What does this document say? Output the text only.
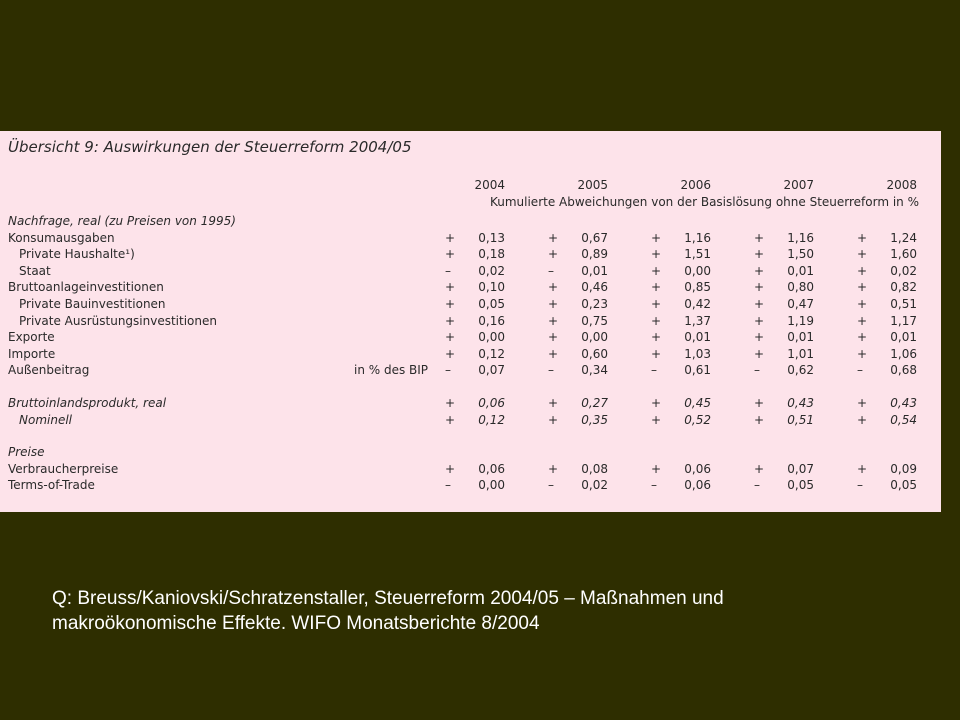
Übersicht 9: Auswirkungen der Steuerreform 2004/05
2004	2005	2006	2007	2008
Kumulierte Abweichungen von der Basislösung ohne Steuerreform in %
Nachfrage, real (zu Preisen von 1995)
Konsumausgaben	+ 0,13	+ 0,67	+ 1,16	+ 1,16	+ 1,24
Private Haushalte¹)	+ 0,18	+ 0,89	+ 1,51	+ 1,50	+ 1,60
Staat	– 0,02	– 0,01	+ 0,00	+ 0,01	+ 0,02
Bruttoanlageinvestitionen	+ 0,10	+ 0,46	+ 0,85	+ 0,80	+ 0,82
Private Bauinvestitionen	+ 0,05	+ 0,23	+ 0,42	+ 0,47	+ 0,51
Private Ausrüstungsinvestitionen	+ 0,16	+ 0,75	+ 1,37	+ 1,19	+ 1,17
Exporte	+ 0,00	+ 0,00	+ 0,01	+ 0,01	+ 0,01
Importe	+ 0,12	+ 0,60	+ 1,03	+ 1,01	+ 1,06
Außenbeitrag	in % des BIP – 0,07	– 0,34	– 0,61	– 0,62	– 0,68
Bruttoinlandsprodukt, real	+ 0,06	+ 0,27	+ 0,45	+ 0,43	+ 0,43
Nominell	+ 0,12	+ 0,35	+ 0,52	+ 0,51	+ 0,54
Preise
Verbraucherpreise	+ 0,06	+ 0,08	+ 0,06	+ 0,07	+ 0,09
Terms-of-Trade	– 0,00	– 0,02	– 0,06	– 0,05	– 0,05
Q: Breuss/Kaniovski/Schratzenstaller, Steuerreform 2004/05 – Maßnahmen und
makroökonomische Effekte. WIFO Monatsberichte 8/2004
